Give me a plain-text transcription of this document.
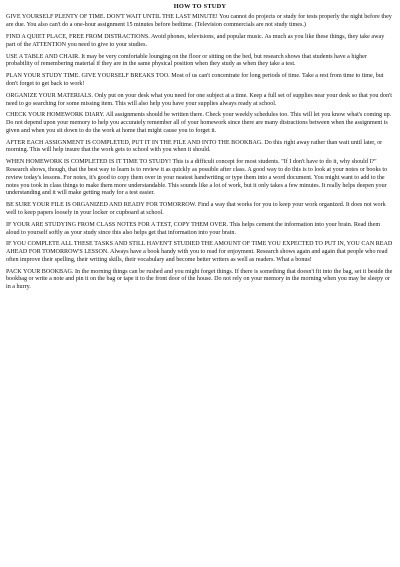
HOW TO STUDY

GIVE YOURSELF PLENTY OF TIME. DON'T WAIT UNTIL THE LAST MINUTE! You cannot do projects or study for tests properly the night before they are due. You also can't do a one-hour assignment 15 minutes before bedtime. (Television commercials are not study times.)

FIND A QUIET PLACE, FREE FROM DISTRACTIONS. Avoid phones, televisions, and popular music. As much as you like these things, they take away part of the ATTENTION you need to give to your studies.

USE A TABLE AND CHAIR. It may be very comfortable lounging on the floor or sitting on the bed, but research shows that students have a higher probability of remembering material if they are in the same physical position when they study as when they take a test.

PLAN YOUR STUDY TIME. GIVE YOURSELF BREAKS TOO. Most of us can't concentrate for long periods of time. Take a rest from time to time, but don't forget to get back to work!

ORGANIZE YOUR MATERIALS. Only put on your desk what you need for one subject at a time. Keep a full set of supplies near your desk so that you don't need to go searching for some missing item. This will also help you have your supplies always ready at school.

CHECK YOUR HOMEWORK DIARY. All assignments should be written there. Check your weekly schedules too. This will let you know what's coming up. Do not depend upon your memory to help you accurately remember all of your homework since there are many distractions between when the assignment is given and when you sit down to do the work at home that might cause you to forget it.

AFTER EACH ASSIGNMENT IS COMPLETED, PUT IT IN THE FILE AND INTO THE BOOKBAG. Do this right away rather than wait until later, or morning. This will help insure that the work gets to school with you when it should.

WHEN HOMEWORK IS COMPLETED IS IT TIME TO STUDY! This is a difficult concept for most students. "If I don't have to do it, why should I?" Research shows, though, that the best way to learn is to review it as quickly as possible after class. A good way to do this is to look at your notes or books to review today's lessons. For notes, it's good to copy them over in your neatest handwriting or type them into a word document. You might want to add to the notes you took in class things to make them more understandable. This sounds like a lot of work, but it only takes a few minutes. It really helps deepen your understanding and it will make getting ready for a test easier.

BE SURE YOUR FILE IS ORGANIZED AND READY FOR TOMORROW. Find a way that works for you to keep your work organized. It does not work well to keep papers loosely in your locker or cupboard at school.

IF YOUR ARE STUDYING FROM CLASS NOTES FOR A TEST, COPY THEM OVER. This helps cement the information into your brain. Read them aloud to yourself softly as your study since this also helps get that information into your brain.

IF YOU COMPLETE ALL THESE TASKS AND STILL HAVEN'T STUDIED THE AMOUNT OF TIME YOU EXPECTED TO PUT IN, YOU CAN READ AHEAD FOR TOMORROW'S LESSON. Always have a book handy with you to read for enjoyment. Research shows again and again that people who read often improve their spelling, their writing skills, their vocabulary and become better writers as well as readers. What a bonus!

PACK YOUR BOOKBAG. In the morning things can be rushed and you might forget things. If there is something that doesn't fit into the bag, set it beside the bookbag or write a note and pin it on the bag or tape it to the front door of the house. Do not rely on your memory in the morning when you may be sleepy or in a hurry.
